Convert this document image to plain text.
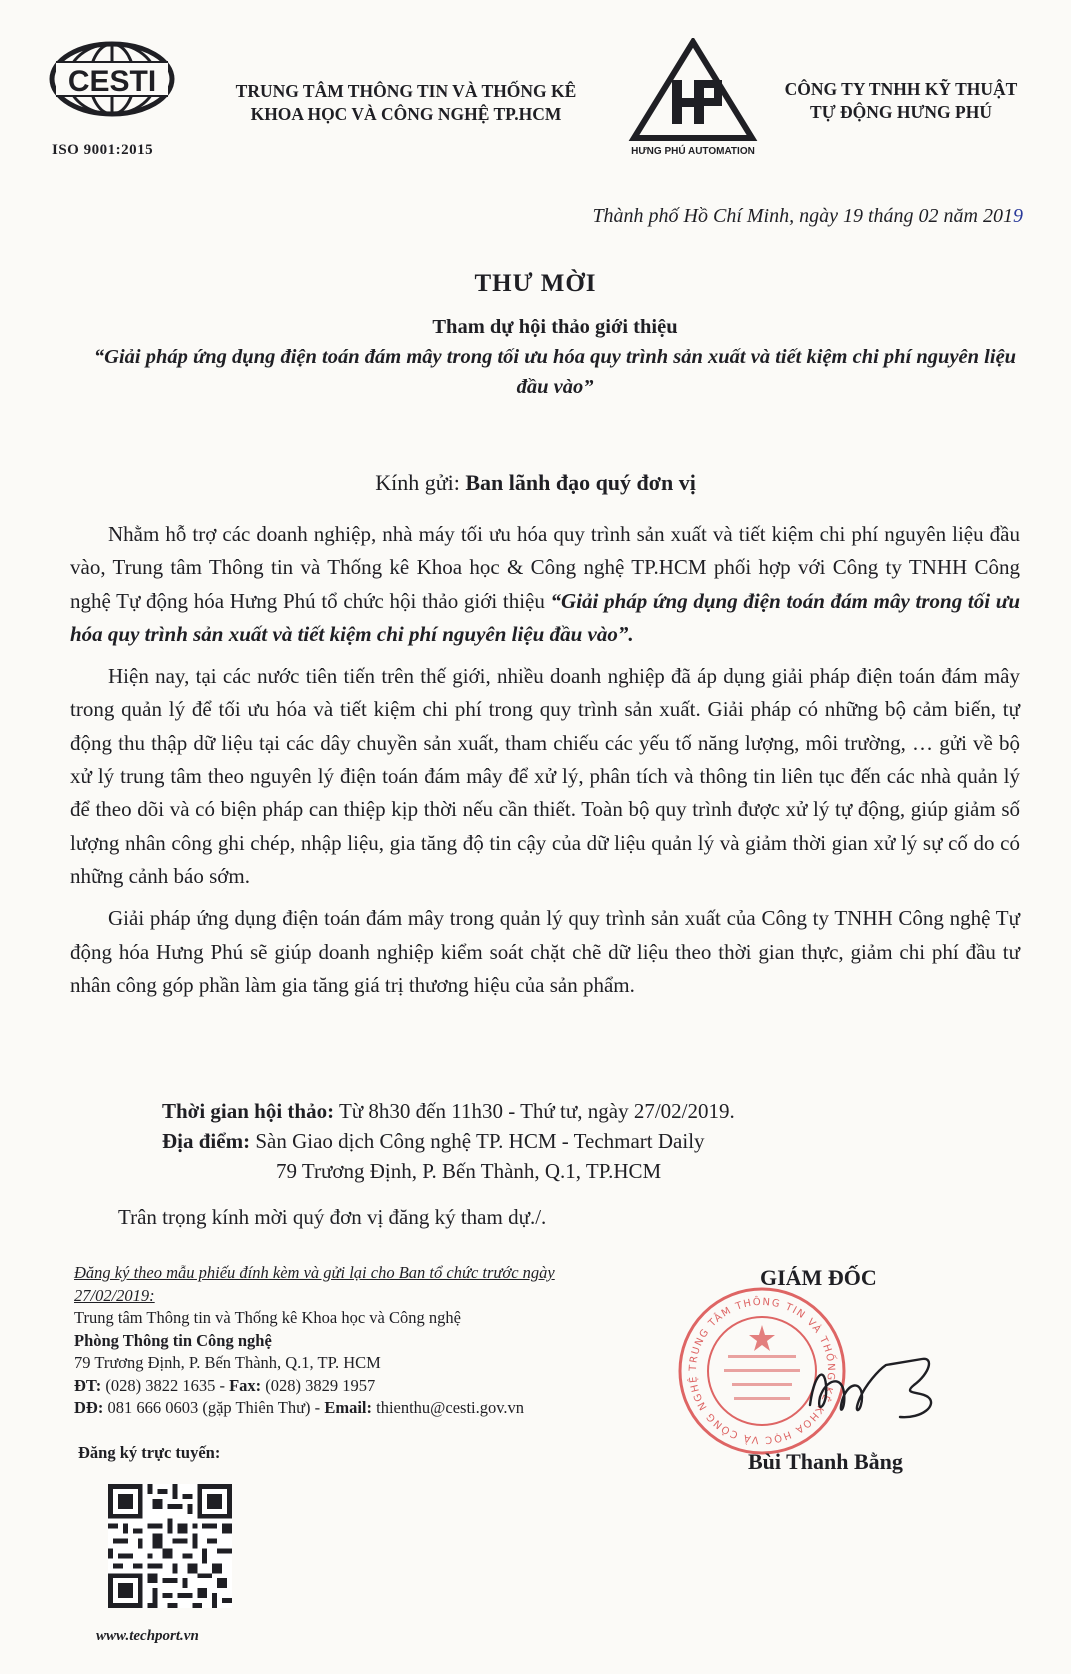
CESTI
ISO 9001:2015
TRUNG TÂM THÔNG TIN VÀ THỐNG KÊ
KHOA HỌC VÀ CÔNG NGHỆ TP.HCM
HƯNG PHÚ AUTOMATION
CÔNG TY TNHH KỸ THUẬT
TỰ ĐỘNG HƯNG PHÚ
Thành phố Hồ Chí Minh, ngày 19 tháng 02 năm 2019
THƯ MỜI
Tham dự hội thảo giới thiệu
“Giải pháp ứng dụng điện toán đám mây trong tối ưu hóa quy trình sản xuất và tiết kiệm chi phí nguyên liệu đầu vào”
Kính gửi: Ban lãnh đạo quý đơn vị

Nhằm hỗ trợ các doanh nghiệp, nhà máy tối ưu hóa quy trình sản xuất và tiết kiệm chi phí nguyên liệu đầu vào, Trung tâm Thông tin và Thống kê Khoa học & Công nghệ TP.HCM phối hợp với Công ty TNHH Công nghệ Tự động hóa Hưng Phú tổ chức hội thảo giới thiệu “Giải pháp ứng dụng điện toán đám mây trong tối ưu hóa quy trình sản xuất và tiết kiệm chi phí nguyên liệu đầu vào”.

Hiện nay, tại các nước tiên tiến trên thế giới, nhiều doanh nghiệp đã áp dụng giải pháp điện toán đám mây trong quản lý để tối ưu hóa và tiết kiệm chi phí trong quy trình sản xuất. Giải pháp có những bộ cảm biến, tự động thu thập dữ liệu tại các dây chuyền sản xuất, tham chiếu các yếu tố năng lượng, môi trường, … gửi về bộ xử lý trung tâm theo nguyên lý điện toán đám mây để xử lý, phân tích và thông tin liên tục đến các nhà quản lý để theo dõi và có biện pháp can thiệp kịp thời nếu cần thiết. Toàn bộ quy trình được xử lý tự động, giúp giảm số lượng nhân công ghi chép, nhập liệu, gia tăng độ tin cậy của dữ liệu quản lý và giảm thời gian xử lý sự cố do có những cảnh báo sớm.

Giải pháp ứng dụng điện toán đám mây trong quản lý quy trình sản xuất của Công ty TNHH Công nghệ Tự động hóa Hưng Phú sẽ giúp doanh nghiệp kiểm soát chặt chẽ dữ liệu theo thời gian thực, giảm chi phí đầu tư nhân công góp phần làm gia tăng giá trị thương hiệu của sản phẩm.

Thời gian hội thảo: Từ 8h30 đến 11h30 - Thứ tư, ngày 27/02/2019.
Địa điểm: Sàn Giao dịch Công nghệ TP. HCM - Techmart Daily
79 Trương Định, P. Bến Thành, Q.1, TP.HCM
Trân trọng kính mời quý đơn vị đăng ký tham dự./.
Đăng ký theo mẫu phiếu đính kèm và gửi lại cho Ban tổ chức trước ngày 27/02/2019:
Trung tâm Thông tin và Thống kê Khoa học và Công nghệ
Phòng Thông tin Công nghệ
79 Trương Định, P. Bến Thành, Q.1, TP. HCM
ĐT: (028) 3822 1635 - Fax: (028) 3829 1957
DĐ: 081 666 0603 (gặp Thiên Thư) - Email: thienthu@cesti.gov.vn
Đăng ký trực tuyến:
www.techport.vn
GIÁM ĐỐC
TRUNG TÂM THÔNG TIN VÀ THỐNG KÊ KHOA HỌC VÀ CÔNG NGHỆ
Bùi Thanh Bằng
